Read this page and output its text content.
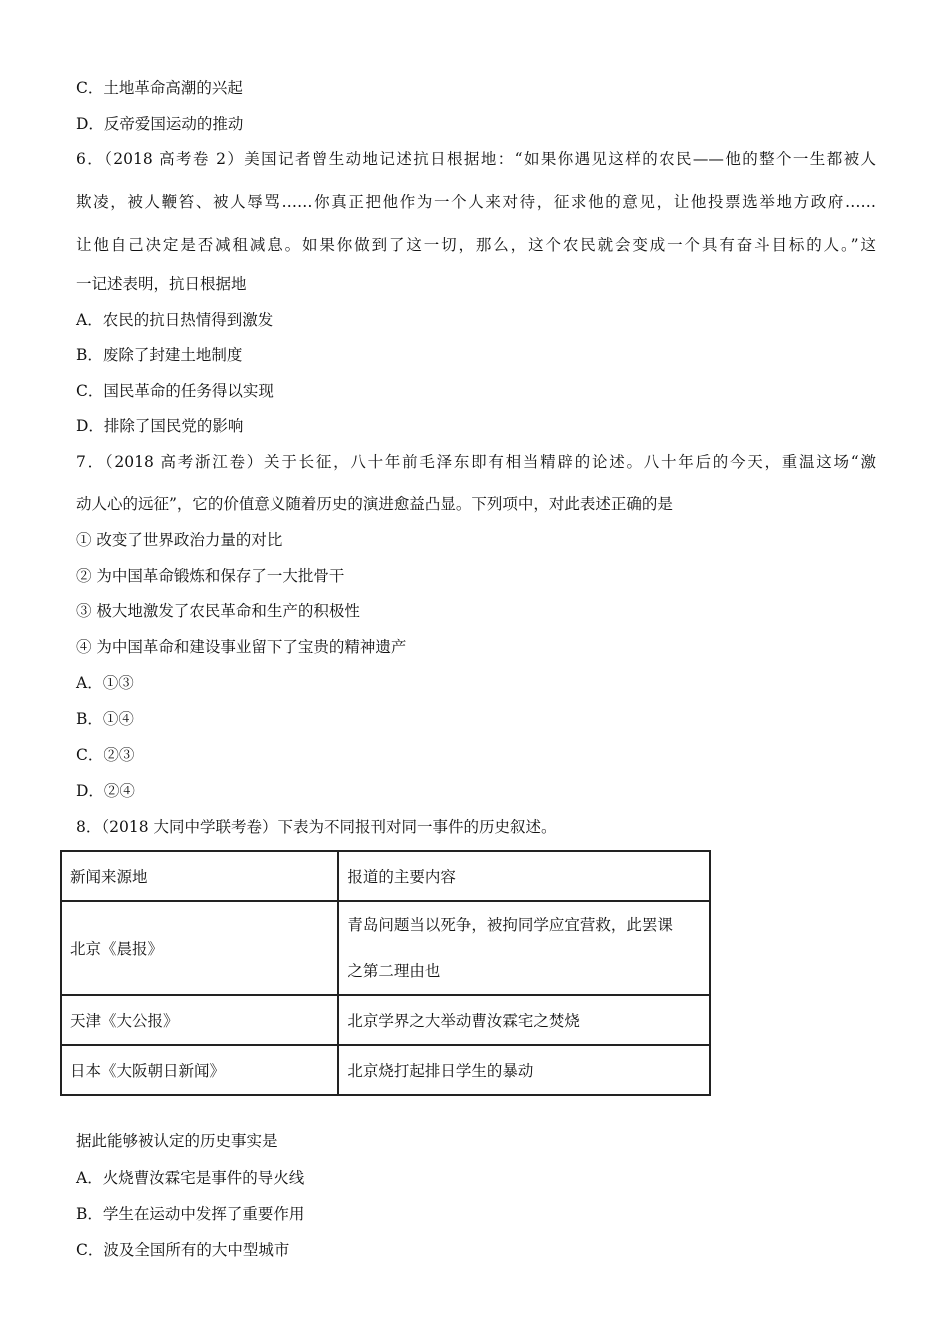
C．土地革命高潮的兴起
D．反帝爱国运动的推动
6．（2018 高考卷 2）美国记者曾生动地记述抗日根据地：“如果你遇见这样的农民——他的整个一生都被人
欺凌，被人鞭笞、被人辱骂……你真正把他作为一个人来对待，征求他的意见，让他投票选举地方政府……
让他自己决定是否减租减息。如果你做到了这一切，那么，这个农民就会变成一个具有奋斗目标的人。”这
一记述表明，抗日根据地
A．农民的抗日热情得到激发
B．废除了封建土地制度
C．国民革命的任务得以实现
D．排除了国民党的影响
7．（2018 高考浙江卷）关于长征，八十年前毛泽东即有相当精辟的论述。八十年后的今天，重温这场“激
动人心的远征”，它的价值意义随着历史的演进愈益凸显。下列项中，对此表述正确的是
① 改变了世界政治力量的对比
② 为中国革命锻炼和保存了一大批骨干
③ 极大地激发了农民革命和生产的积极性
④ 为中国革命和建设事业留下了宝贵的精神遗产
A．①③
B．①④
C．②③
D．②④
8．（2018 大同中学联考卷）下表为不同报刊对同一事件的历史叙述。
新闻来源地	报道的主要内容
北京《晨报》	青岛问题当以死争，被拘同学应宜营救，此罢课
之第二理由也

天津《大公报》	北京学界之大举动曹汝霖宅之焚烧
日本《大阪朝日新闻》	北京烧打起排日学生的暴动
据此能够被认定的历史事实是
A．火烧曹汝霖宅是事件的导火线
B．学生在运动中发挥了重要作用
C．波及全国所有的大中型城市
